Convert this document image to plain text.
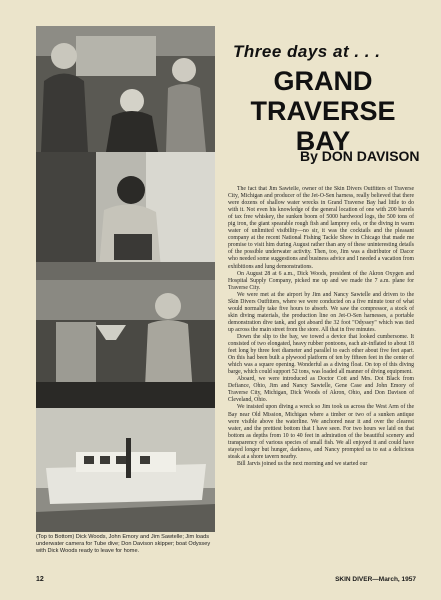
(Top to Bottom) Dick Woods, John Emory and Jim Sawtelle; Jim loads underwater camera for Tube dive; Don Davison skipper; boat Odyssey with Dick Woods ready to leave for home.
Three days at . . .
GRAND TRAVERSE BAY
By DON DAVISON

The fact that Jim Sawtelle, owner of the Skin Divers Outfitters of Traverse City, Michigan and producer of the Jet-O-Sen harness, really believed that there were dozens of shallow water wrecks in Grand Traverse Bay had little to do with it. Not even his knowledge of the general location of one with 200 barrels of tax free whiskey, the sunken boom of 5000 hardwood logs, the 500 tons of pig iron, the giant spearable rough fish and lamprey eels, or the diving in warm water of unlimited visibility—no sir, it was the cocktails and the pleasant company at the recent National Fishing Tackle Show in Chicago that made me promise to visit him during August rather than any of these uninteresting details of the possible underwater activity. Then, too, Jim was a distributor of Dacor who needed some suggestions and business advice and I needed a vacation from exhibitions and lung demonstrations.

On August 28 at 6 a.m., Dick Woods, president of the Akron Oxygen and Hospital Supply Company, picked me up and we made the 7 a.m. plane for Traverse City.

We were met at the airport by Jim and Nancy Sawtelle and driven to the Skin Divers Outfitters, where we were conducted on a five minute tour of what would normally take five hours to absorb. We saw the compressor, a stock of skin diving materials, the production line on Jet-O-Sen harnesses, a portable demonstration dive tank, and got aboard the 32 foot "Odyssey" which was tied up across the main street from the store. All that in five minutes.

Down the slip to the bay, we towed a device that looked cumbersome. It consisted of two elongated, heavy rubber pontoons, each air-inflated to about 18 feet long by three feet diameter and parallel to each other about five feet apart. On this had been built a plywood platform of ten by fifteen feet in the center of which was a square opening. Wonderful as a diving float. On top of this diving barge, which could support 52 tons, was loaded all manner of diving equipment.

Aboard, we were introduced as Doctor Cott and Mrs. Dot Black from Defiance, Ohio, Jim and Nancy Sawtelle, Gene Case and John Emory of Traverse City, Michigan, Dick Woods of Akron, Ohio, and Don Davison of Cleveland, Ohio.

We insisted upon diving a wreck so Jim took us across the West Arm of the Bay near Old Mission, Michigan where a timber or two of a sunken antique were visible above the waterline. We anchored near it and over the clearest water, and the prettiest bottom that I have seen. For two hours we laid on that bottom as depths from 10 to 40 feet in admiration of the beautiful scenery and transparency of various species of small fish. We all enjoyed it and could have stayed longer but hunger, darkness, and Nancy prompted us to eat a delicious steak at a shore tavern nearby.

Bill Jarvis joined us the next morning and we started our

12	SKIN DIVER—March, 1957
